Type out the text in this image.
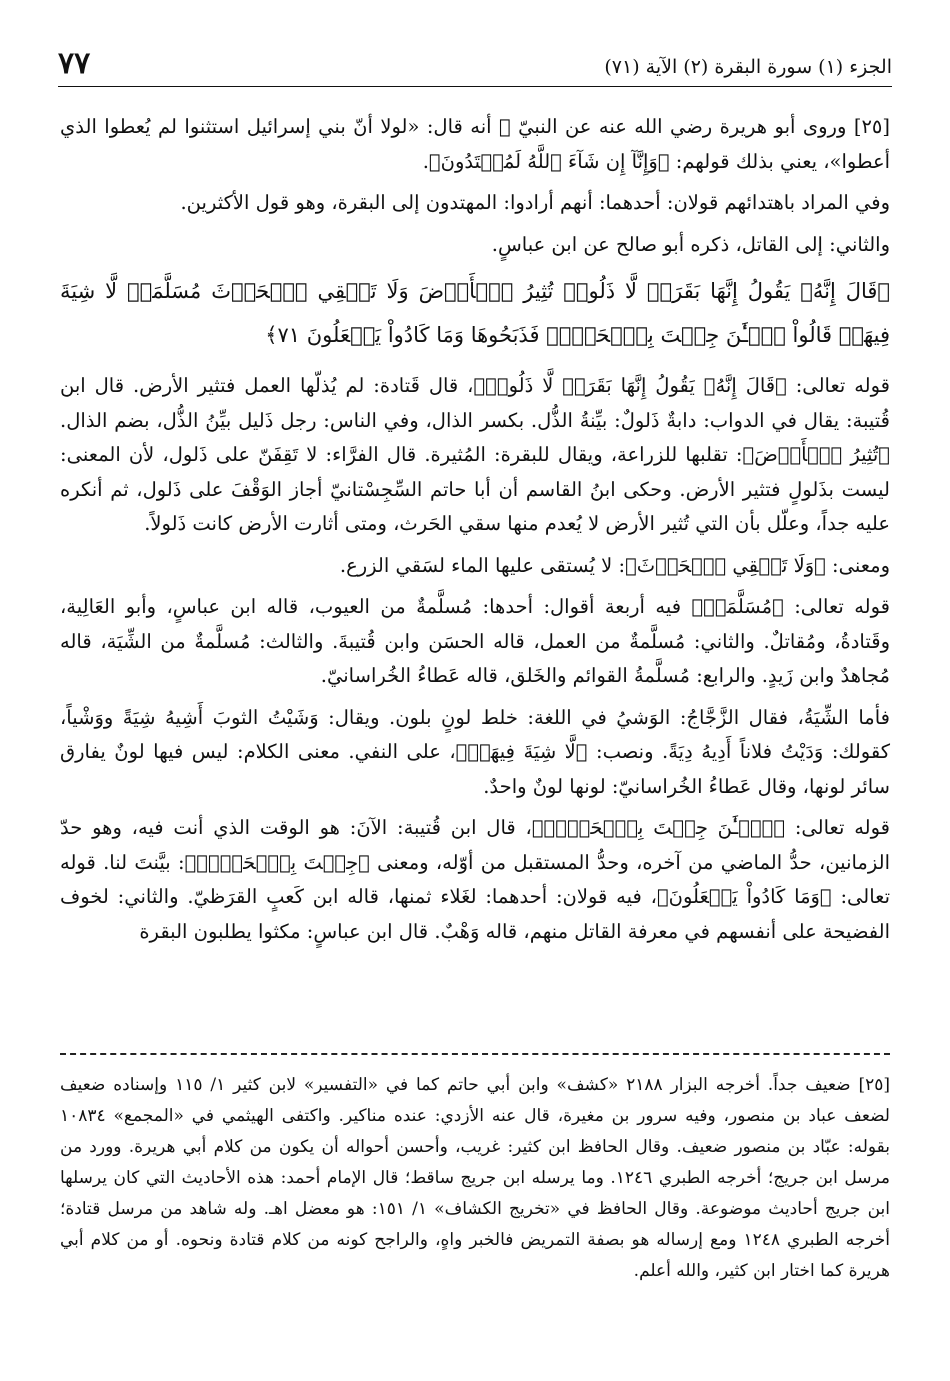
٧٧	الجزء (١) سورة البقرة (٢) الآية (٧١)

[٢٥] وروى أبو هريرة رضي الله عنه عن النبيّ ﷺ أنه قال: «لولا أنّ بني إسرائيل استثنوا لم يُعطوا الذي أعطوا»، يعني بذلك قولهم: ﴿وَإِنَّآ إِن شَآءَ ٱللَّهُ لَمُهۡتَدُونَ﴾.

وفي المراد باهتدائهم قولان: أحدهما: أنهم أرادوا: المهتدون إلى البقرة، وهو قول الأكثرين.

والثاني: إلى القاتل، ذكره أبو صالح عن ابن عباسٍ.

﴿قَالَ إِنَّهُۥ يَقُولُ إِنَّهَا بَقَرَةٞ لَّا ذَلُولٞ تُثِيرُ ٱلۡأَرۡضَ وَلَا تَسۡقِي ٱلۡحَرۡثَ مُسَلَّمَةٞ لَّا شِيَةَ فِيهَاۚ قَالُواْ ٱلۡـَٰٔنَ جِئۡتَ بِٱلۡحَقِّۚ فَذَبَحُوهَا وَمَا كَادُواْ يَفۡعَلُونَ ٧١﴾

قوله تعالى: ﴿قَالَ إِنَّهُۥ يَقُولُ إِنَّهَا بَقَرَةٞ لَّا ذَلُولٞ﴾، قال قَتادة: لم يُذلّها العمل فتثير الأرض. قال ابن قُتيبة: يقال في الدواب: دابةٌ ذَلولٌ: بيِّنةُ الذُّل. بكسر الذال، وفي الناس: رجل ذَليل بيِّنُ الذُّل، بضم الذال. ﴿تُثِيرُ ٱلۡأَرۡضَ﴾: تقلبها للزراعة، ويقال للبقرة: المُثيرة. قال الفرَّاء: لا تَقِفَنّ على ذَلول، لأن المعنى: ليست بذَلولٍ فتثير الأرض. وحكى ابنُ القاسم أن أبا حاتم السِّجِسْتانيّ أجاز الوَقْفَ على ذَلول، ثم أنكره عليه جداً، وعلّل بأن التي تُثير الأرض لا يُعدم منها سقي الحَرث، ومتى أثارت الأرض كانت ذَلولاً.

ومعنى: ﴿وَلَا تَسۡقِي ٱلۡحَرۡثَ﴾: لا يُستقى عليها الماء لسَقي الزرع.

قوله تعالى: ﴿مُسَلَّمَةٞ﴾ فيه أربعة أقوال: أحدها: مُسلَّمةٌ من العيوب، قاله ابن عباسٍ، وأبو العَالِية، وقَتادةُ، ومُقاتلٌ. والثاني: مُسلَّمةٌ من العمل، قاله الحسَن وابن قُتيبةَ. والثالث: مُسلَّمةٌ من الشِّيَة، قاله مُجاهدٌ وابن زَيدٍ. والرابع: مُسلَّمةُ القوائم والخَلق، قاله عَطاءُ الخُراسانيّ.

فأما الشِّيَةُ، فقال الزَّجَّاجُ: الوَشيُ في اللغة: خلط لونٍ بلون. ويقال: وَشَيْتُ الثوبَ أَشِيهُ شِيَةً ووَشْياً، كقولك: وَدَيْتُ فلاناً أَدِيهُ دِيَةً. ونصب: ﴿لَّا شِيَةَ فِيهَاۚ﴾، على النفي. معنى الكلام: ليس فيها لونٌ يفارق سائر لونها، وقال عَطاءُ الخُراسانيّ: لونها لونٌ واحدٌ.

قوله تعالى: ﴿ٱلۡـَٰٔنَ جِئۡتَ بِٱلۡحَقِّۚ﴾، قال ابن قُتيبة: الآنَ: هو الوقت الذي أنت فيه، وهو حدّ الزمانين، حدُّ الماضي من آخره، وحدُّ المستقبل من أوّله، ومعنى ﴿جِئۡتَ بِٱلۡحَقِّۚ﴾: بيَّنتَ لنا. قوله تعالى: ﴿وَمَا كَادُواْ يَفۡعَلُونَ﴾، فيه قولان: أحدهما: لغَلاء ثمنها، قاله ابن كَعبٍ القرَظيّ. والثاني: لخوف الفضيحة على أنفسهم في معرفة القاتل منهم، قاله وَهْبٌ. قال ابن عباسٍ: مكثوا يطلبون البقرة

[٢٥] ضعيف جداً. أخرجه البزار ٢١٨٨ «كشف» وابن أبي حاتم كما في «التفسير» لابن كثير ١/ ١١٥ وإسناده ضعيف لضعف عباد بن منصور، وفيه سرور بن مغيرة، قال عنه الأزدي: عنده مناكير. واكتفى الهيثمي في «المجمع» ١٠٨٣٤ بقوله: عبّاد بن منصور ضعيف. وقال الحافظ ابن كثير: غريب، وأحسن أحواله أن يكون من كلام أبي هريرة. وورد من مرسل ابن جريج؛ أخرجه الطبري ١٢٤٦. وما يرسله ابن جريج ساقط؛ قال الإمام أحمد: هذه الأحاديث التي كان يرسلها ابن جريج أحاديث موضوعة. وقال الحافظ في «تخريج الكشاف» ١/ ١٥١: هو معضل اهـ. وله شاهد من مرسل قتادة؛ أخرجه الطبري ١٢٤٨ ومع إرساله هو بصفة التمريض فالخبر واهٍ، والراجح كونه من كلام قتادة ونحوه. أو من كلام أبي هريرة كما اختار ابن كثير، والله أعلم.
